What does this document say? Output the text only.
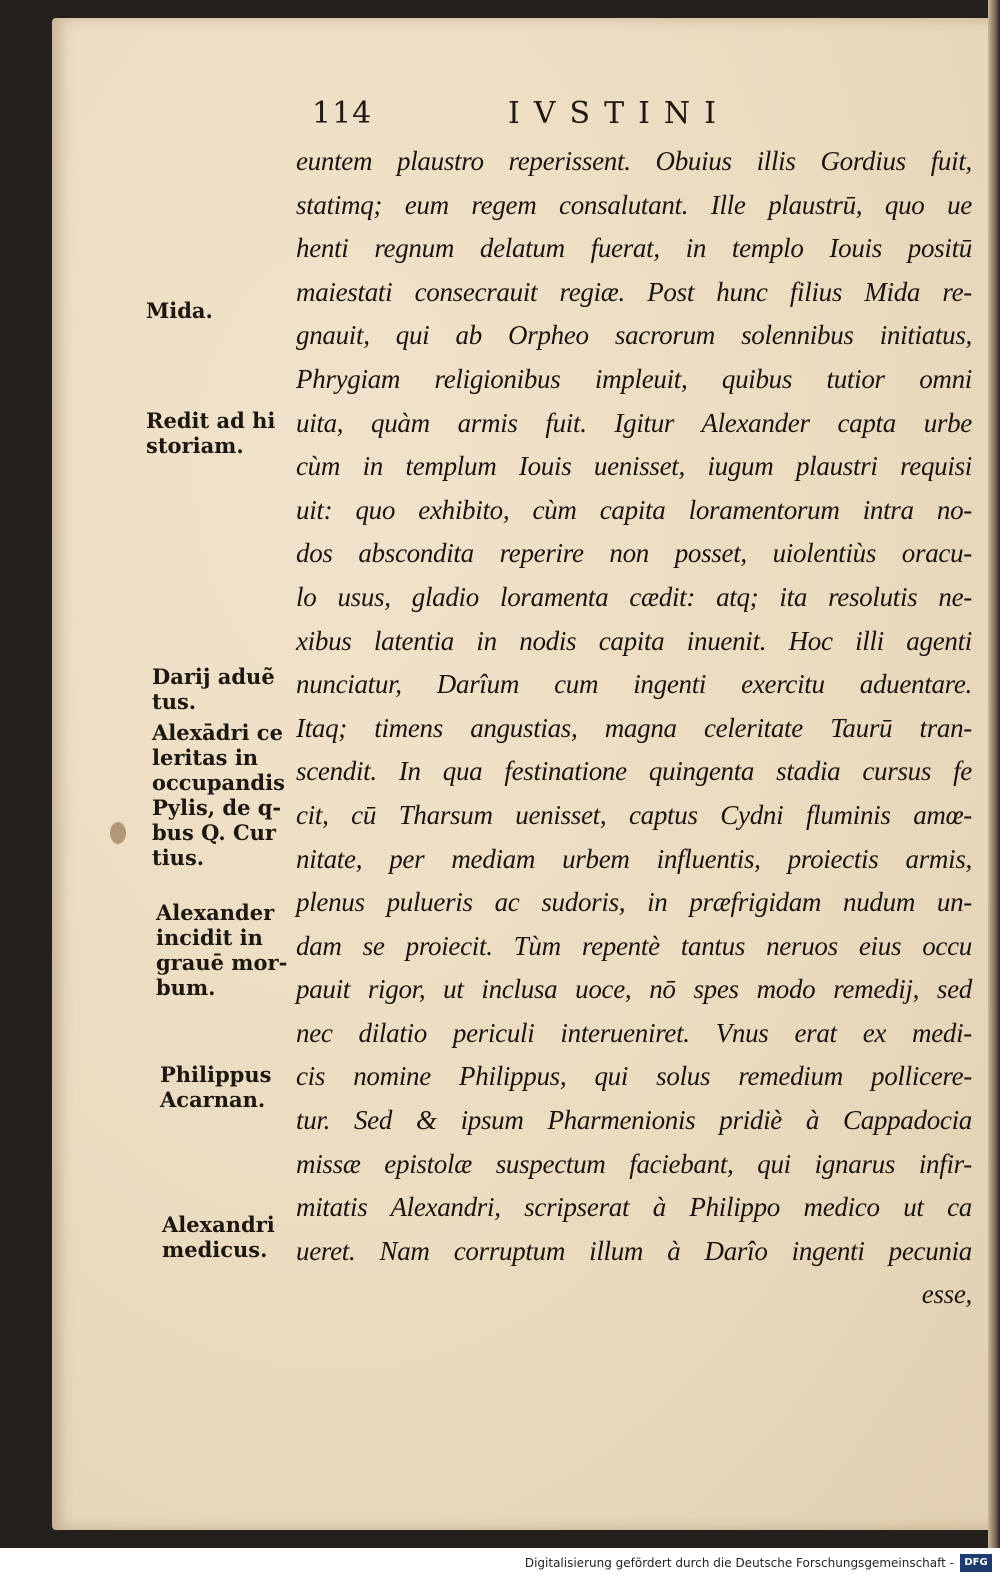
114	IVSTINI
euntem plaustro reperissent. Obuius illis Gordius fuit,
statimq; eum regem consalutant. Ille plaustrū, quo ue
henti regnum delatum fuerat, in templo Iouis positū
maiestati consecrauit regiæ. Post hunc filius Mida re-
gnauit, qui ab Orpheo sacrorum solennibus initiatus,
Phrygiam religionibus impleuit, quibus tutior omni
uita, quàm armis fuit. Igitur Alexander capta urbe
cùm in templum Iouis uenisset, iugum plaustri requisi
uit: quo exhibito, cùm capita loramentorum intra no-
dos abscondita reperire non posset, uiolentiùs oracu-
lo usus, gladio loramenta cædit: atq; ita resolutis ne-
xibus latentia in nodis capita inuenit. Hoc illi agenti
nunciatur, Darîum cum ingenti exercitu aduentare.
Itaq; timens angustias, magna celeritate Taurū tran-
scendit. In qua festinatione quingenta stadia cursus fe
cit, cū Tharsum uenisset, captus Cydni fluminis amœ-
nitate, per mediam urbem influentis, proiectis armis,
plenus pulueris ac sudoris, in præfrigidam nudum un-
dam se proiecit. Tùm repentè tantus neruos eius occu
pauit rigor, ut inclusa uoce, nō spes modo remedij, sed
nec dilatio periculi interueniret. Vnus erat ex medi-
cis nomine Philippus, qui solus remedium pollicere-
tur. Sed & ipsum Pharmenionis pridiè à Cappadocia
missæ epistolæ suspectum faciebant, qui ignarus infir-
mitatis Alexandri, scripserat à Philippo medico ut ca
ueret. Nam corruptum illum à Darîo ingenti pecunia
esse,
Mida.
Redit ad hi
storiam.
Darij aduẽ
tus.
Alexādri ce
leritas in
occupandis
Pylis, de q-
bus Q. Cur
tius.
Alexander
incidit in
grauē mor-
bum.
Philippus
Acarnan.
Alexandri
medicus.
Digitalisierung gefördert durch die Deutsche Forschungsgemeinschaft -	DFG
